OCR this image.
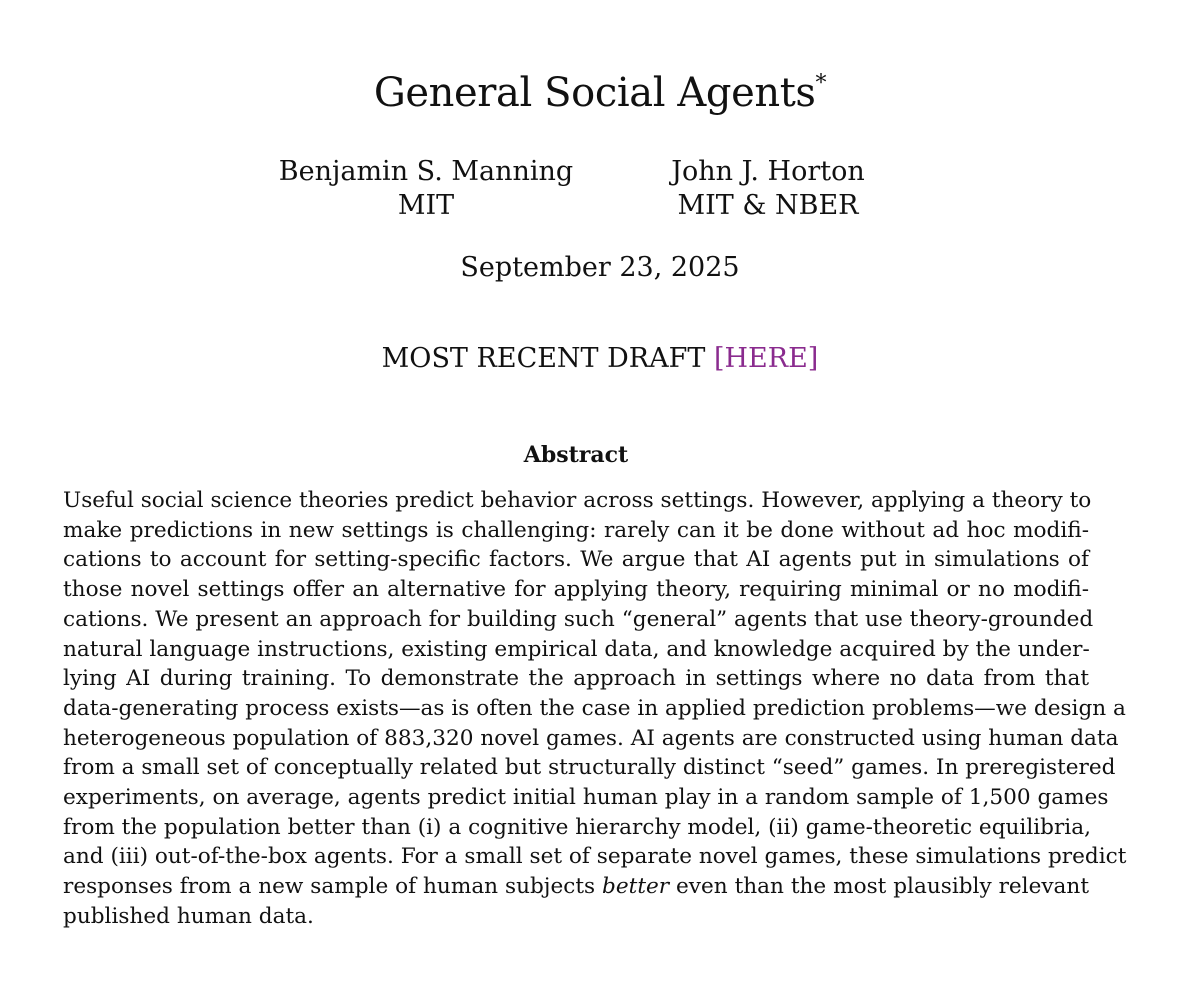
General Social Agents*
Benjamin S. Manning
MIT
John J. Horton
MIT & NBER
September 23, 2025
MOST RECENT DRAFT [HERE]
Abstract
Useful social science theories predict behavior across settings. However, applying a theory to
make predictions in new settings is challenging: rarely can it be done without ad hoc modifi-
cations to account for setting-specific factors. We argue that AI agents put in simulations of
those novel settings offer an alternative for applying theory, requiring minimal or no modifi-
cations. We present an approach for building such “general” agents that use theory-grounded
natural language instructions, existing empirical data, and knowledge acquired by the under-
lying AI during training. To demonstrate the approach in settings where no data from that
data-generating process exists—as is often the case in applied prediction problems—we design a
heterogeneous population of 883,320 novel games. AI agents are constructed using human data
from a small set of conceptually related but structurally distinct “seed” games. In preregistered
experiments, on average, agents predict initial human play in a random sample of 1,500 games
from the population better than (i) a cognitive hierarchy model, (ii) game-theoretic equilibria,
and (iii) out-of-the-box agents. For a small set of separate novel games, these simulations predict
responses from a new sample of human subjects better even than the most plausibly relevant
published human data.
